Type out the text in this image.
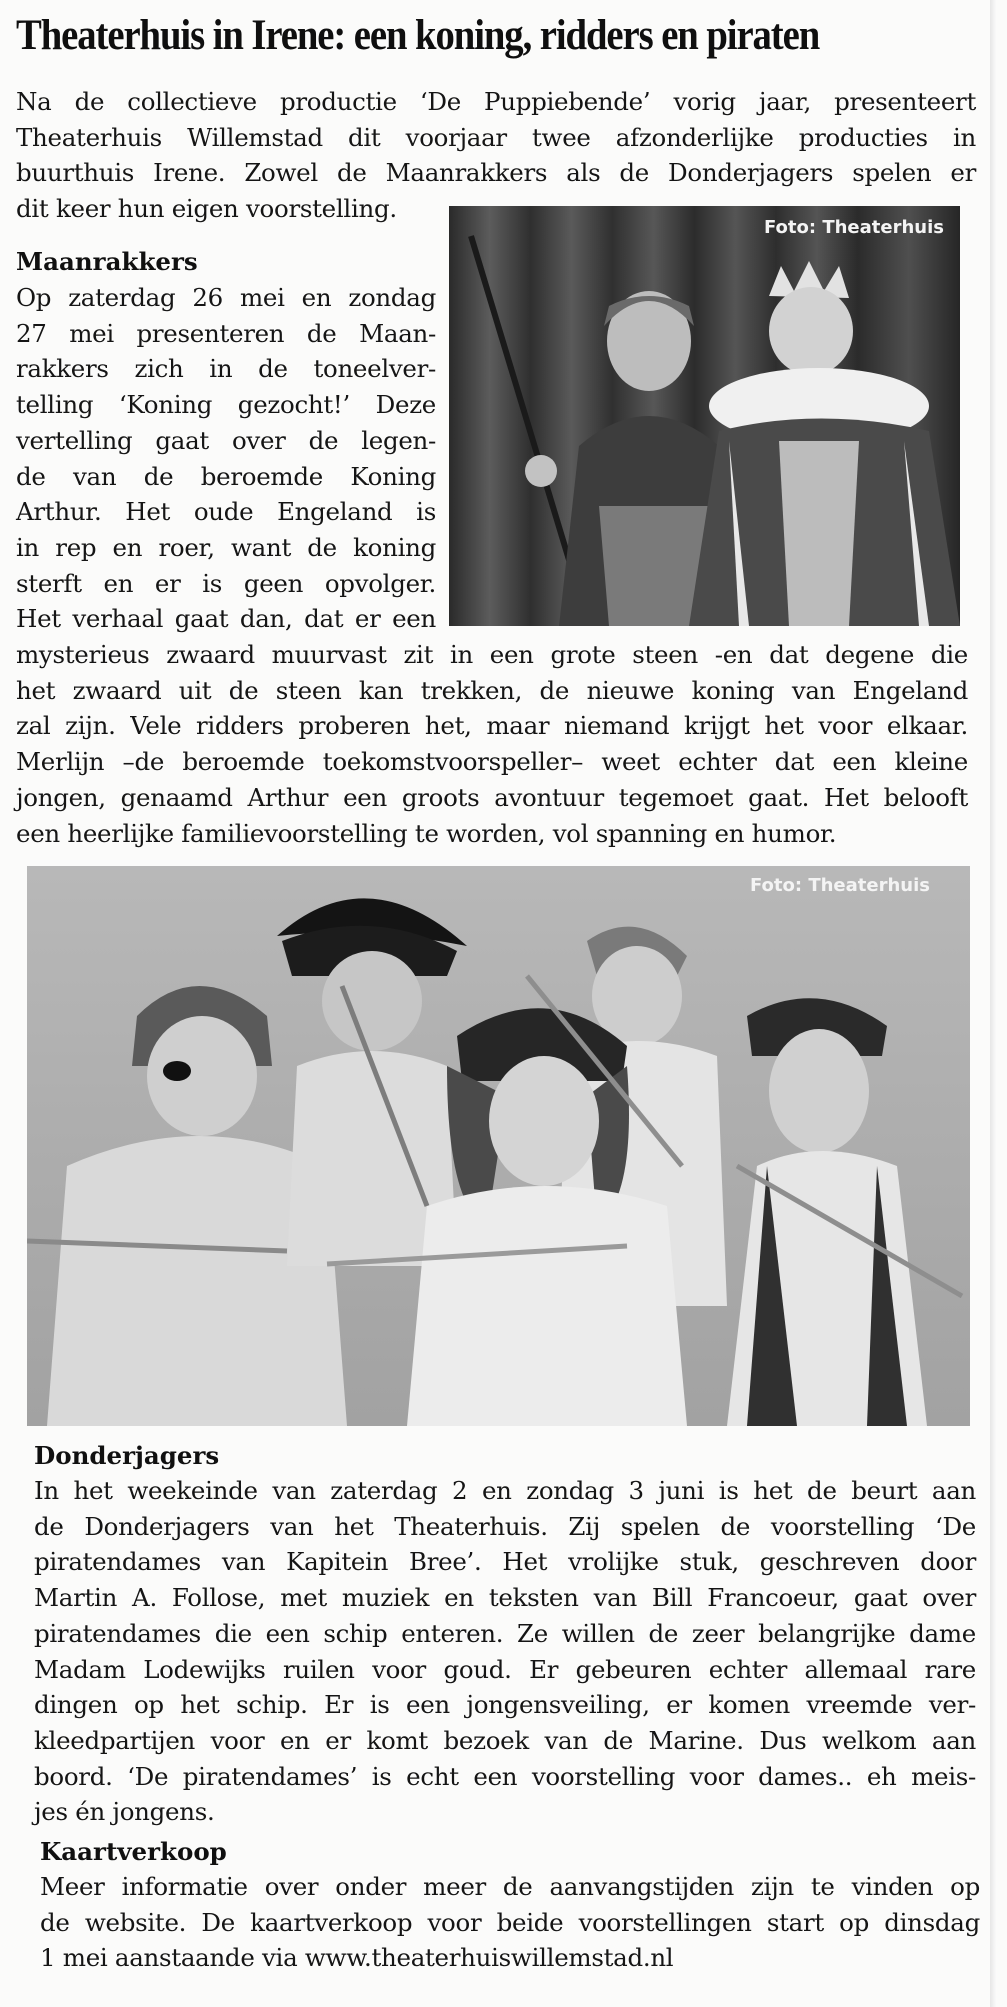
Theaterhuis in Irene: een koning, ridders en piraten
Na de collectieve productie ‘De Puppiebende’ vorig jaar, presenteert
Theaterhuis Willemstad dit voorjaar twee afzonderlijke producties in
buurthuis Irene. Zowel de Maanrakkers als de Donderjagers spelen er
dit keer hun eigen voorstelling.
Maanrakkers
Op zaterdag 26 mei en zondag
27 mei presenteren de Maan-
rakkers zich in de toneelver-
telling ‘Koning gezocht!’ Deze
vertelling gaat over de legen-
de van de beroemde Koning
Arthur. Het oude Engeland is
in rep en roer, want de koning
sterft en er is geen opvolger.
Het verhaal gaat dan, dat er een
Foto: Theaterhuis
mysterieus zwaard muurvast zit in een grote steen -en dat degene die
het zwaard uit de steen kan trekken, de nieuwe koning van Engeland
zal zijn. Vele ridders proberen het, maar niemand krijgt het voor elkaar.
Merlijn –de beroemde toekomstvoorspeller– weet echter dat een kleine
jongen, genaamd Arthur een groots avontuur tegemoet gaat. Het belooft
een heerlijke familievoorstelling te worden, vol spanning en humor.
Foto: Theaterhuis
Donderjagers
In het weekeinde van zaterdag 2 en zondag 3 juni is het de beurt aan
de Donderjagers van het Theaterhuis. Zij spelen de voorstelling ‘De
piratendames van Kapitein Bree’. Het vrolijke stuk, geschreven door
Martin A. Follose, met muziek en teksten van Bill Francoeur, gaat over
piratendames die een schip enteren. Ze willen de zeer belangrijke dame
Madam Lodewijks ruilen voor goud. Er gebeuren echter allemaal rare
dingen op het schip. Er is een jongensveiling, er komen vreemde ver-
kleedpartijen voor en er komt bezoek van de Marine. Dus welkom aan
boord. ‘De piratendames’ is echt een voorstelling voor dames.. eh meis-
jes én jongens.
Kaartverkoop
Meer informatie over onder meer de aanvangstijden zijn te vinden op
de website. De kaartverkoop voor beide voorstellingen start op dinsdag
1 mei aanstaande via www.theaterhuiswillemstad.nl
